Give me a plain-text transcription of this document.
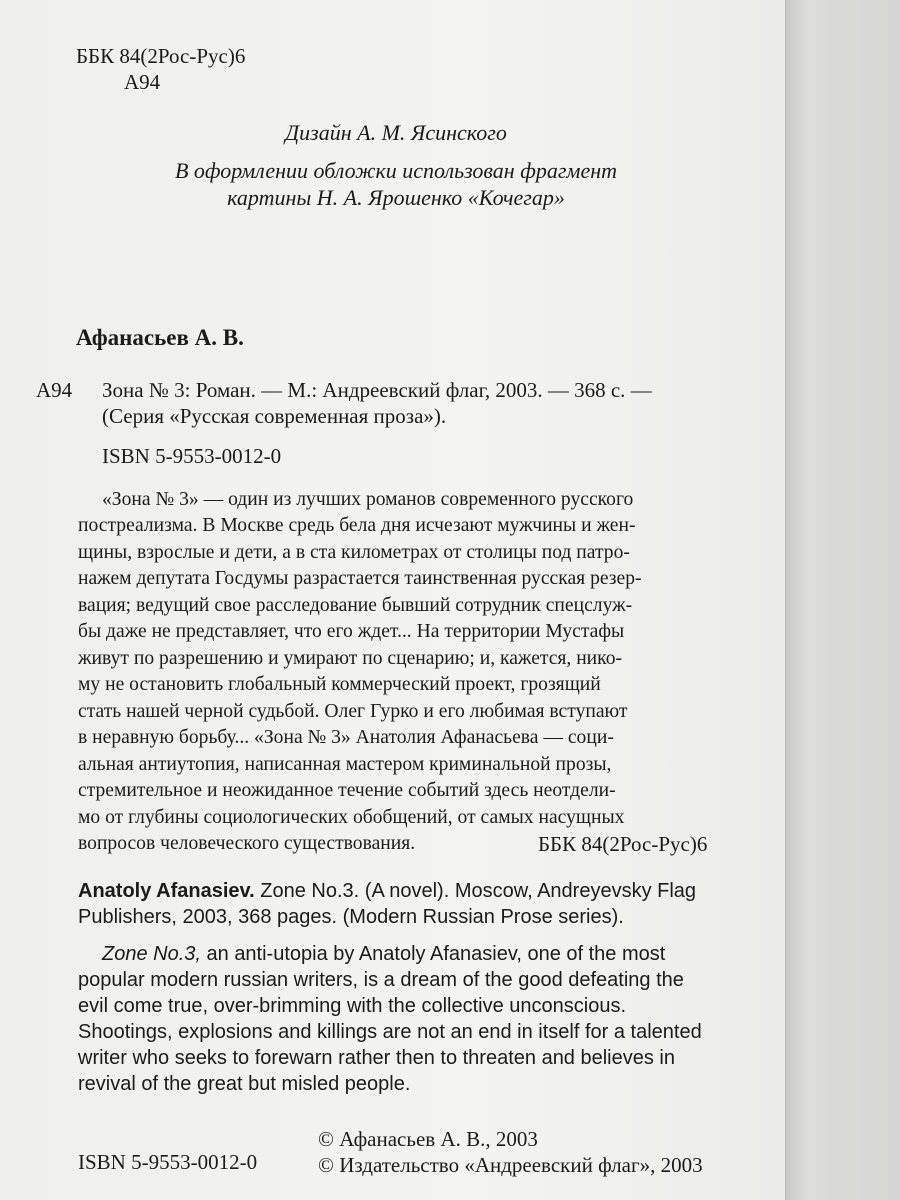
ББК 84(2Рос-Рус)6
А94
Дизайн А. М. Ясинского
В оформлении обложки использован фрагмент
картины Н. А. Ярошенко «Кочегар»
Афанасьев А. В.
А94 Зона № 3: Роман. — М.: Андреевский флаг, 2003. — 368 с. —
(Серия «Русская современная проза»).
ISBN 5-9553-0012-0
«Зона № 3» — один из лучших романов современного русского
постреализма. В Москве средь бела дня исчезают мужчины и жен-
щины, взрослые и дети, а в ста километрах от столицы под патро-
нажем депутата Госдумы разрастается таинственная русская резер-
вация; ведущий свое расследование бывший сотрудник спецслуж-
бы даже не представляет, что его ждет... На территории Мустафы
живут по разрешению и умирают по сценарию; и, кажется, нико-
му не остановить глобальный коммерческий проект, грозящий
стать нашей черной судьбой. Олег Гурко и его любимая вступают
в неравную борьбу... «Зона № 3» Анатолия Афанасьева — соци-
альная антиутопия, написанная мастером криминальной прозы,
стремительное и неожиданное течение событий здесь неотдели-
мо от глубины социологических обобщений, от самых насущных
вопросов человеческого существования.	ББК 84(2Рос-Рус)6
Anatoly Afanasiev. Zone No.3. (A novel). Moscow, Andreyevsky Flag
Publishers, 2003, 368 pages. (Modern Russian Prose series).
Zone No.3, an anti-utopia by Anatoly Afanasiev, one of the most
popular modern russian writers, is a dream of the good defeating the
evil come true, over-brimming with the collective unconscious.
Shootings, explosions and killings are not an end in itself for a talented
writer who seeks to forewarn rather then to threaten and believes in
revival of the great but misled people.
ISBN 5-9553-0012-0
© Афанасьев А. В., 2003
© Издательство «Андреевский флаг», 2003
